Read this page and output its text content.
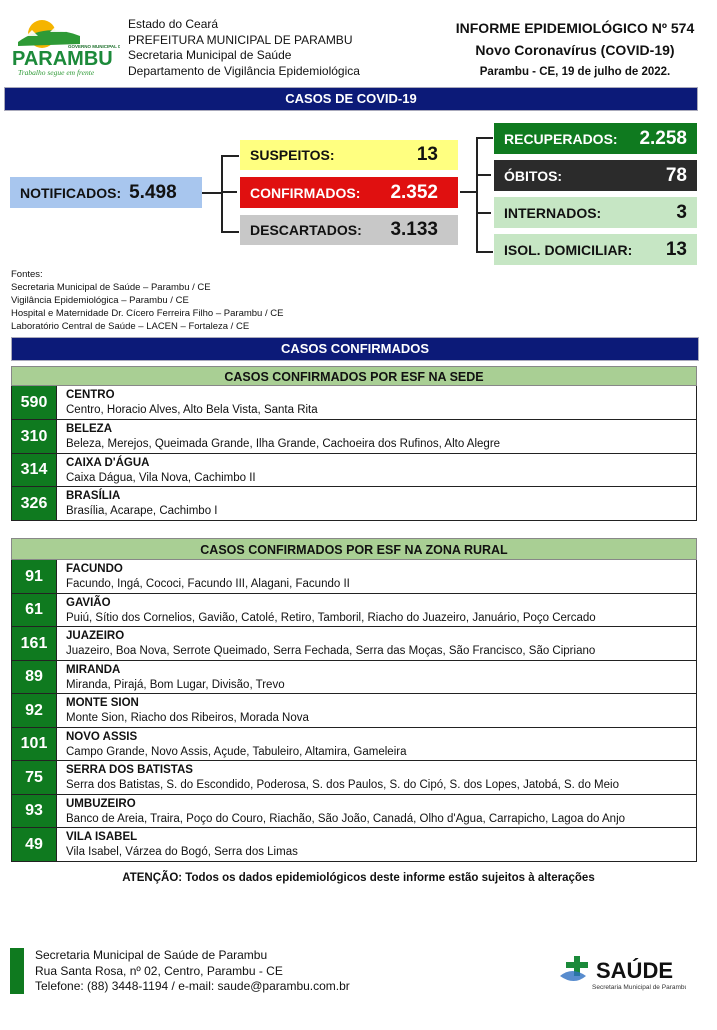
GOVERNO MUNICIPAL DE
PARAMBU
Trabalho segue em frente
Estado do Ceará
PREFEITURA MUNICIPAL DE PARAMBU
Secretaria Municipal de Saúde
Departamento de Vigilância Epidemiológica
INFORME EPIDEMIOLÓGICO Nº 574
Novo Coronavírus (COVID-19)
Parambu - CE, 19 de julho de 2022.
CASOS DE COVID-19
NOTIFICADOS: 5.498
SUSPEITOS:	13
CONFIRMADOS: 2.352
DESCARTADOS: 3.133
RECUPERADOS: 2.258
ÓBITOS:	78
INTERNADOS:	3
ISOL. DOMICILIAR: 13
Fontes:
Secretaria Municipal de Saúde – Parambu / CE
Vigilância Epidemiológica – Parambu / CE
Hospital e Maternidade Dr. Cícero Ferreira Filho – Parambu / CE
Laboratório Central de Saúde – LACEN – Fortaleza / CE
CASOS CONFIRMADOS
CASOS CONFIRMADOS POR ESF NA SEDE
590	CENTRO
Centro, Horacio Alves, Alto Bela Vista, Santa Rita
310	BELEZA
Beleza, Merejos, Queimada Grande, Ilha Grande, Cachoeira dos Rufinos, Alto Alegre
314	CAIXA D'ÁGUA
Caixa Dágua, Vila Nova, Cachimbo II
326	BRASÍLIA
Brasília, Acarape, Cachimbo I
CASOS CONFIRMADOS POR ESF NA ZONA RURAL
91	FACUNDO
Facundo, Ingá, Cococi, Facundo III, Alagani, Facundo II
61	GAVIÃO
Puiú, Sítio dos Cornelios, Gavião, Catolé, Retiro, Tamboril, Riacho do Juazeiro, Januário, Poço Cercado
161	JUAZEIRO
Juazeiro, Boa Nova, Serrote Queimado, Serra Fechada, Serra das Moças, São Francisco, São Cipriano
89	MIRANDA
Miranda, Pirajá, Bom Lugar, Divisão, Trevo
92	MONTE SION
Monte Sion, Riacho dos Ribeiros, Morada Nova
101	NOVO ASSIS
Campo Grande, Novo Assis, Açude, Tabuleiro, Altamira, Gameleira
75	SERRA DOS BATISTAS
Serra dos Batistas, S. do Escondido, Poderosa, S. dos Paulos, S. do Cipó, S. dos Lopes, Jatobá, S. do Meio
93	UMBUZEIRO
Banco de Areia, Traira, Poço do Couro, Riachão, São João, Canadá, Olho d'Agua, Carrapicho, Lagoa do Anjo
49	VILA ISABEL
Vila Isabel, Várzea do Bogó, Serra dos Limas
ATENÇÃO: Todos os dados epidemiológicos deste informe estão sujeitos à alterações
Secretaria Municipal de Saúde de Parambu
Rua Santa Rosa, nº 02, Centro, Parambu - CE
Telefone: (88) 3448-1194 / e-mail: saude@parambu.com.br
SAÚDE
Secretaria Municipal de Parambu
